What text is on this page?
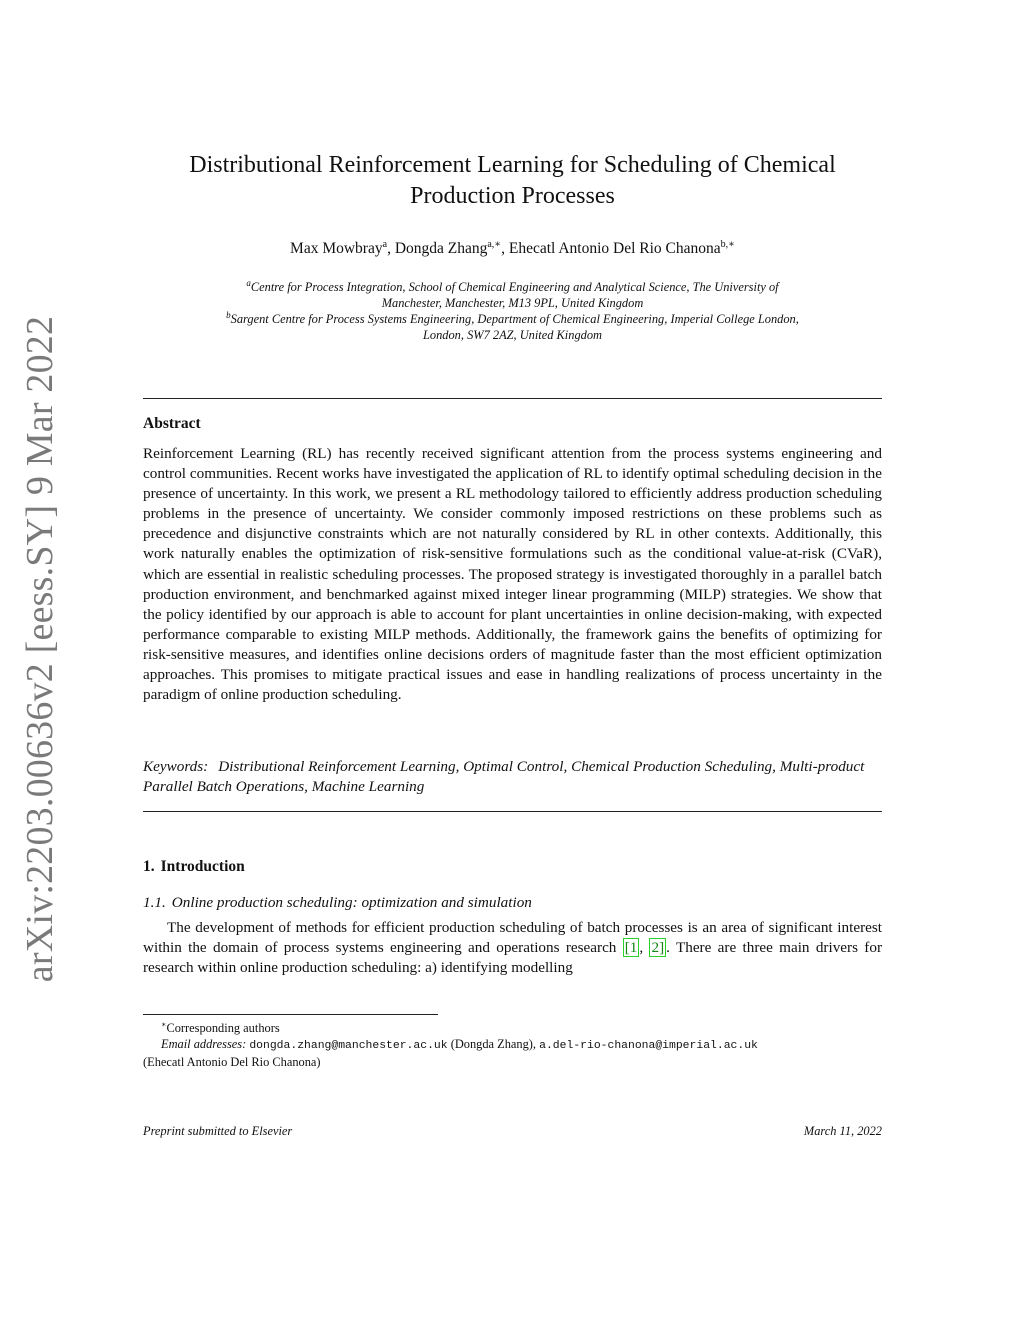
arXiv:2203.00636v2 [eess.SY] 9 Mar 2022
Distributional Reinforcement Learning for Scheduling of Chemical
Production Processes
Max Mowbray$^a$, Dongda Zhang$^{a,∗}$, Ehecatl Antonio Del Rio Chanona$^{b,∗}$
$^a$Centre for Process Integration, School of Chemical Engineering and Analytical Science, The University of
Manchester, Manchester, M13 9PL, United Kingdom
$^b$Sargent Centre for Process Systems Engineering, Department of Chemical Engineering, Imperial College London,
London, SW7 2AZ, United Kingdom
Abstract
Reinforcement Learning (RL) has recently received significant attention from the process systems engineering and control communities. Recent works have investigated the application of RL to identify optimal scheduling decision in the presence of uncertainty. In this work, we present a RL methodology tailored to efficiently address production scheduling problems in the presence of uncertainty. We consider commonly imposed restrictions on these problems such as precedence and disjunctive constraints which are not naturally considered by RL in other contexts. Additionally, this work naturally enables the optimization of risk-sensitive formulations such as the conditional value-at-risk (CVaR), which are essential in realistic scheduling processes. The proposed strategy is investigated thoroughly in a parallel batch production environment, and benchmarked against mixed integer linear programming (MILP) strategies. We show that the policy identified by our approach is able to account for plant uncertainties in online decision-making, with expected performance comparable to existing MILP methods. Additionally, the framework gains the benefits of optimizing for risk-sensitive measures, and identifies online decisions orders of magnitude faster than the most efficient optimization approaches. This promises to mitigate practical issues and ease in handling realizations of process uncertainty in the paradigm of online production scheduling.
Keywords: Distributional Reinforcement Learning, Optimal Control, Chemical Production Scheduling, Multi-product Parallel Batch Operations, Machine Learning
1. Introduction
1.1. Online production scheduling: optimization and simulation
The development of methods for efficient production scheduling of batch processes is an area of significant interest within the domain of process systems engineering and operations research [1 , 2] . There are three main drivers for research within online production scheduling: a) identifying modelling
∗Corresponding authors
Email addresses: dongda.zhang@manchester.ac.uk (Dongda Zhang), a.del-rio-chanona@imperial.ac.uk
(Ehecatl Antonio Del Rio Chanona)
Preprint submitted to Elsevier	March 11, 2022
